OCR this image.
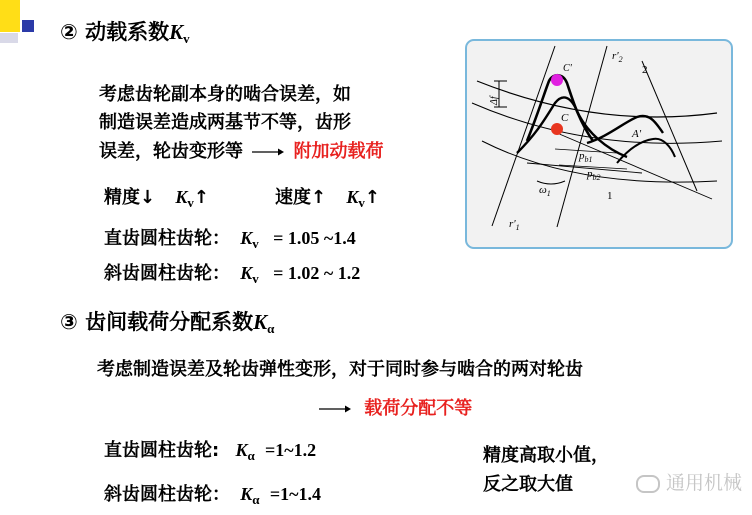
② 动载系数Kv
考虑齿轮副本身的啮合误差，如
制造误差造成两基节不等，齿形
误差，轮齿变形等	附加动载荷
精度↓ $K_v↑$	速度↑ $K_v↑$
直齿圆柱齿轮： $K_v = 1.05$ ~1.4
斜齿圆柱齿轮： $K_v = 1.02$ ~ 1.2
③ 齿间载荷分配系数Kα
考虑制造误差及轮齿弹性变形，对于同时参与啮合的两对轮齿
载荷分配不等
直齿圆柱齿轮: $K_\alpha$ =1~1.2
斜齿圆柱齿轮： $K_\alpha$ =1~1.4
精度高取小值，
反之取大值	通用机械
$r'_2$
2
C'
C
A'
Δf
$p_{b1}$
$p_{b2}$
$\omega_1$	1
$r'_1$
